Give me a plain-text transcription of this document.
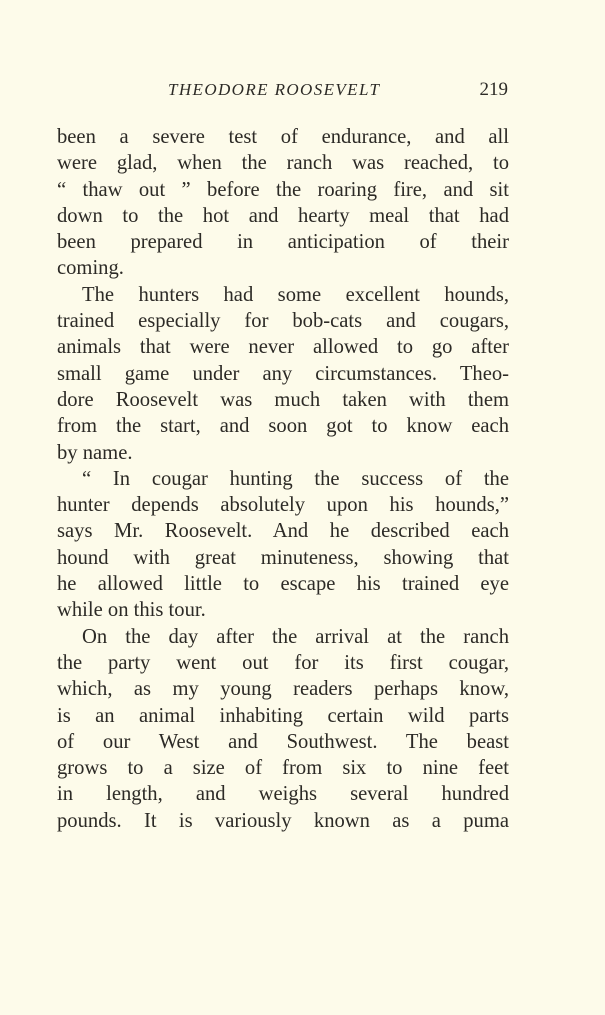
THEODORE ROOSEVELT	219
been a severe test of endurance, and all
were glad, when the ranch was reached, to
“ thaw out ” before the roaring fire, and sit
down to the hot and hearty meal that had
been prepared in anticipation of their
coming.
The hunters had some excellent hounds,
trained especially for bob-cats and cougars,
animals that were never allowed to go after
small game under any circumstances. Theo-
dore Roosevelt was much taken with them
from the start, and soon got to know each
by name.
“ In cougar hunting the success of the
hunter depends absolutely upon his hounds,”
says Mr. Roosevelt. And he described each
hound with great minuteness, showing that
he allowed little to escape his trained eye
while on this tour.
On the day after the arrival at the ranch
the party went out for its first cougar,
which, as my young readers perhaps know,
is an animal inhabiting certain wild parts
of our West and Southwest. The beast
grows to a size of from six to nine feet
in length, and weighs several hundred
pounds. It is variously known as a puma
